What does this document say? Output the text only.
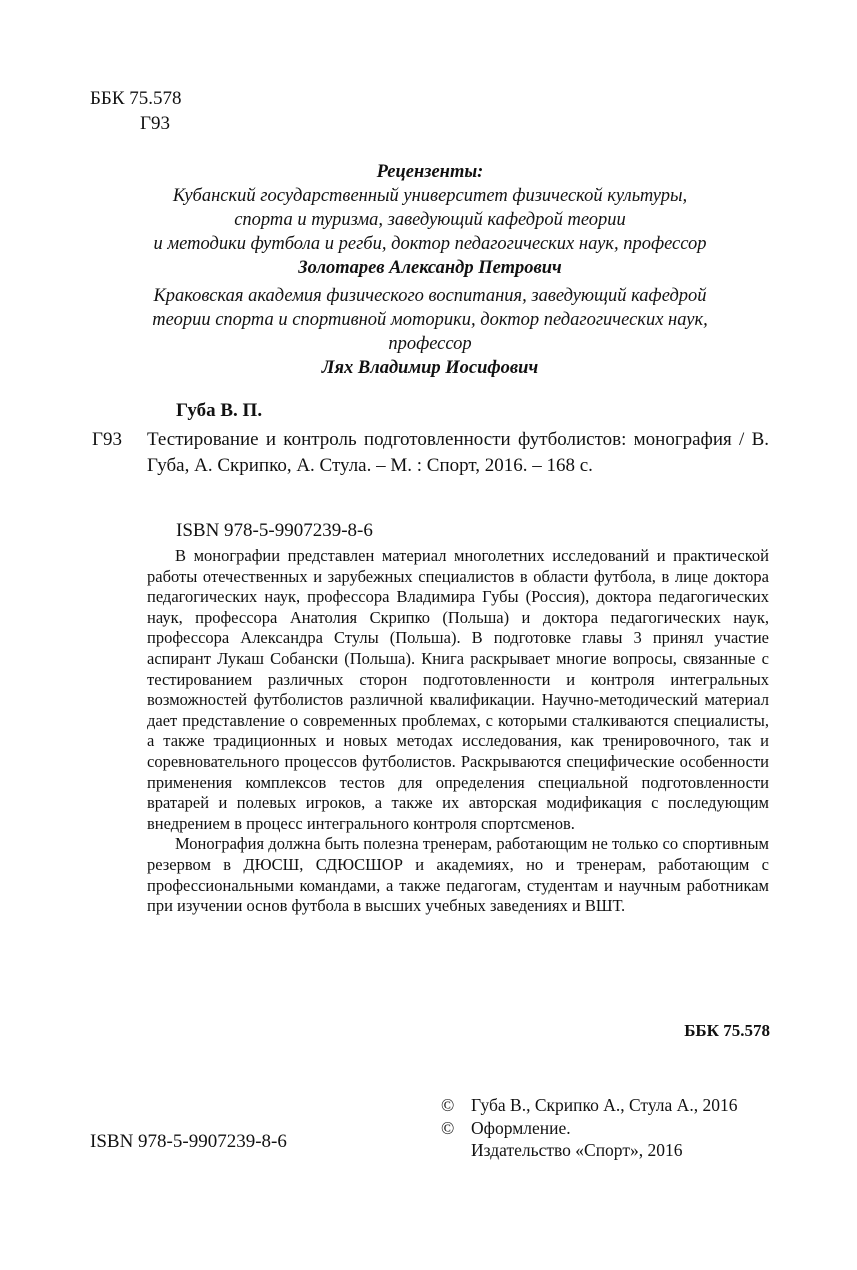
ББК 75.578
Г93
Рецензенты:
Кубанский государственный университет физической культуры,
спорта и туризма, заведующий кафедрой теории
и методики футбола и регби, доктор педагогических наук, профессор
Золотарев Александр Петрович
Краковская академия физического воспитания, заведующий кафедрой
теории спорта и спортивной моторики, доктор педагогических наук,
профессор
Лях Владимир Иосифович
Губа В. П.
Г93 Тестирование и контроль подготовленности футболистов: монография / В. Губа, А. Скрипко, А. Стула. – М. : Спорт, 2016. – 168 с.
ISBN 978-5-9907239-8-6

В монографии представлен материал многолетних исследований и практической работы отечественных и зарубежных специалистов в области футбола, в лице доктора педагогических наук, профессора Владимира Губы (Россия), доктора педагогических наук, профессора Анатолия Скрипко (Польша) и доктора педагогических наук, профессора Александра Стулы (Польша). В подготовке главы 3 принял участие аспирант Лукаш Собански (Польша). Книга раскрывает многие вопросы, связанные с тестированием различных сторон подготовленности и контроля интегральных возможностей футболистов различной квалификации. Научно-методический материал дает представление о современных проблемах, с которыми сталкиваются специалисты, а также традиционных и новых методах исследования, как тренировочного, так и соревновательного процессов футболистов. Раскрываются специфические особенности применения комплексов тестов для определения специальной подготовленности вратарей и полевых игроков, а также их авторская модификация с последующим внедрением в процесс интегрального контроля спортсменов.

Монография должна быть полезна тренерам, работающим не только со спортивным резервом в ДЮСШ, СДЮСШОР и академиях, но и тренерам, работающим с профессиональными командами, а также педагогам, студентам и научным работникам при изучении основ футбола в высших учебных заведениях и ВШТ.

ББК 75.578
© Губа В., Скрипко А., Стула А., 2016
© Оформление.
Издательство «Спорт», 2016
ISBN 978-5-9907239-8-6
